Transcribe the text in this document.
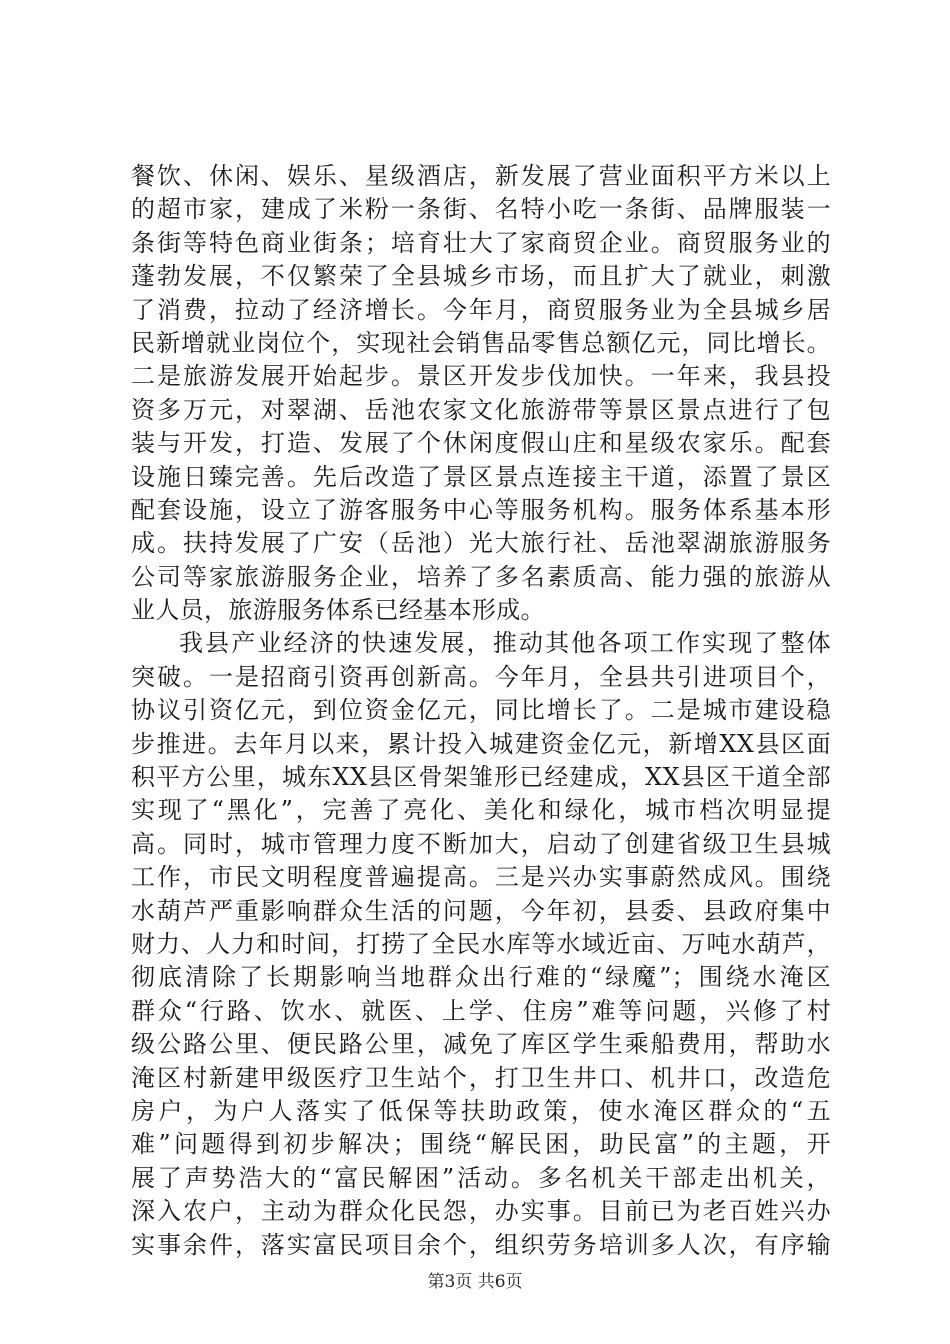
餐饮、休闲、娱乐、星级酒店，新发展了营业面积平方米以上
的超市家，建成了米粉一条街、名特小吃一条街、品牌服装一
条街等特色商业街条；培育壮大了家商贸企业。商贸服务业的
蓬勃发展，不仅繁荣了全县城乡市场，而且扩大了就业，刺激
了消费，拉动了经济增长。今年月，商贸服务业为全县城乡居
民新增就业岗位个，实现社会销售品零售总额亿元，同比增长。
二是旅游发展开始起步。景区开发步伐加快。一年来，我县投
资多万元，对翠湖、岳池农家文化旅游带等景区景点进行了包
装与开发，打造、发展了个休闲度假山庄和星级农家乐。配套
设施日臻完善。先后改造了景区景点连接主干道，添置了景区
配套设施，设立了游客服务中心等服务机构。服务体系基本形
成。扶持发展了广安（岳池）光大旅行社、岳池翠湖旅游服务
公司等家旅游服务企业，培养了多名素质高、能力强的旅游从
业人员，旅游服务体系已经基本形成。
我县产业经济的快速发展，推动其他各项工作实现了整体
突破。一是招商引资再创新高。今年月，全县共引进项目个，
协议引资亿元，到位资金亿元，同比增长了。二是城市建设稳
步推进。去年月以来，累计投入城建资金亿元，新增XX县区面
积平方公里，城东XX县区骨架雏形已经建成，XX县区干道全部
实现了“黑化”，完善了亮化、美化和绿化，城市档次明显提
高。同时，城市管理力度不断加大，启动了创建省级卫生县城
工作，市民文明程度普遍提高。三是兴办实事蔚然成风。围绕
水葫芦严重影响群众生活的问题，今年初，县委、县政府集中
财力、人力和时间，打捞了全民水库等水域近亩、万吨水葫芦，
彻底清除了长期影响当地群众出行难的“绿魔”；围绕水淹区
群众“行路、饮水、就医、上学、住房”难等问题，兴修了村
级公路公里、便民路公里，减免了库区学生乘船费用，帮助水
淹区村新建甲级医疗卫生站个，打卫生井口、机井口，改造危
房户，为户人落实了低保等扶助政策，使水淹区群众的“五
难”问题得到初步解决；围绕“解民困，助民富”的主题，开
展了声势浩大的“富民解困”活动。多名机关干部走出机关，
深入农户，主动为群众化民怨，办实事。目前已为老百姓兴办
实事余件，落实富民项目余个，组织劳务培训多人次，有序输
第3页 共6页
